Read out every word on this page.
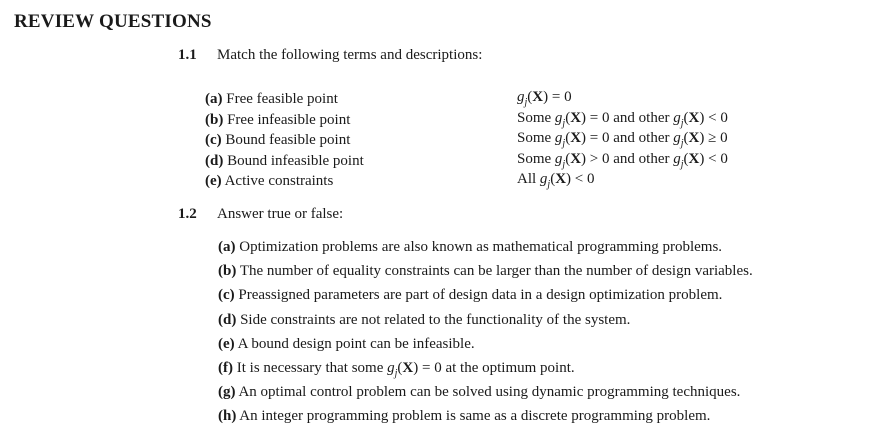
REVIEW QUESTIONS
1.1 Match the following terms and descriptions:
(a) Free feasible point
(b) Free infeasible point
(c) Bound feasible point
(d) Bound infeasible point
(e) Active constraints
$g_j(X) = 0$
Some $g_j(X) = 0$ and other $g_j(X) < 0$
Some $g_j(X) = 0$ and other $g_j(X) \ge 0$
Some $g_j(X) > 0$ and other $g_j(X) < 0$
All $g_j(X) < 0$
1.2 Answer true or false:
(a) Optimization problems are also known as mathematical programming problems.
(b) The number of equality constraints can be larger than the number of design variables.
(c) Preassigned parameters are part of design data in a design optimization problem.
(d) Side constraints are not related to the functionality of the system.
(e) A bound design point can be infeasible.
(f) It is necessary that some $g_j(X) = 0$ at the optimum point.
(g) An optimal control problem can be solved using dynamic programming techniques.
(h) An integer programming problem is same as a discrete programming problem.
